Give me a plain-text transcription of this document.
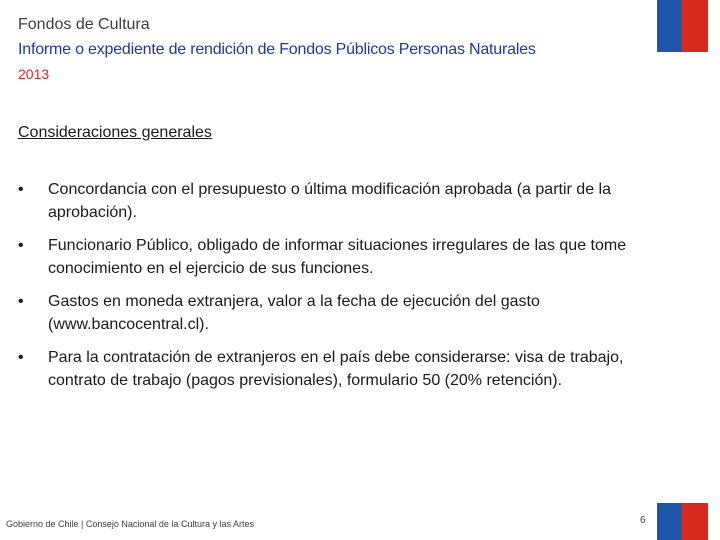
Fondos de Cultura
Informe o expediente de rendición de Fondos Públicos Personas Naturales
2013
Consideraciones generales
•	Concordancia con el presupuesto o última modificación aprobada (a partir de la aprobación).
•	Funcionario Público, obligado de informar situaciones irregulares de las que tome conocimiento en el ejercicio de sus funciones.
•	Gastos en moneda extranjera, valor a la fecha de ejecución del gasto (www.bancocentral.cl).
•	Para la contratación de extranjeros en el país debe considerarse: visa de trabajo, contrato de trabajo (pagos previsionales), formulario 50 (20% retención).
Gobierno de Chile | Consejo Nacional de la Cultura y las Artes	6
